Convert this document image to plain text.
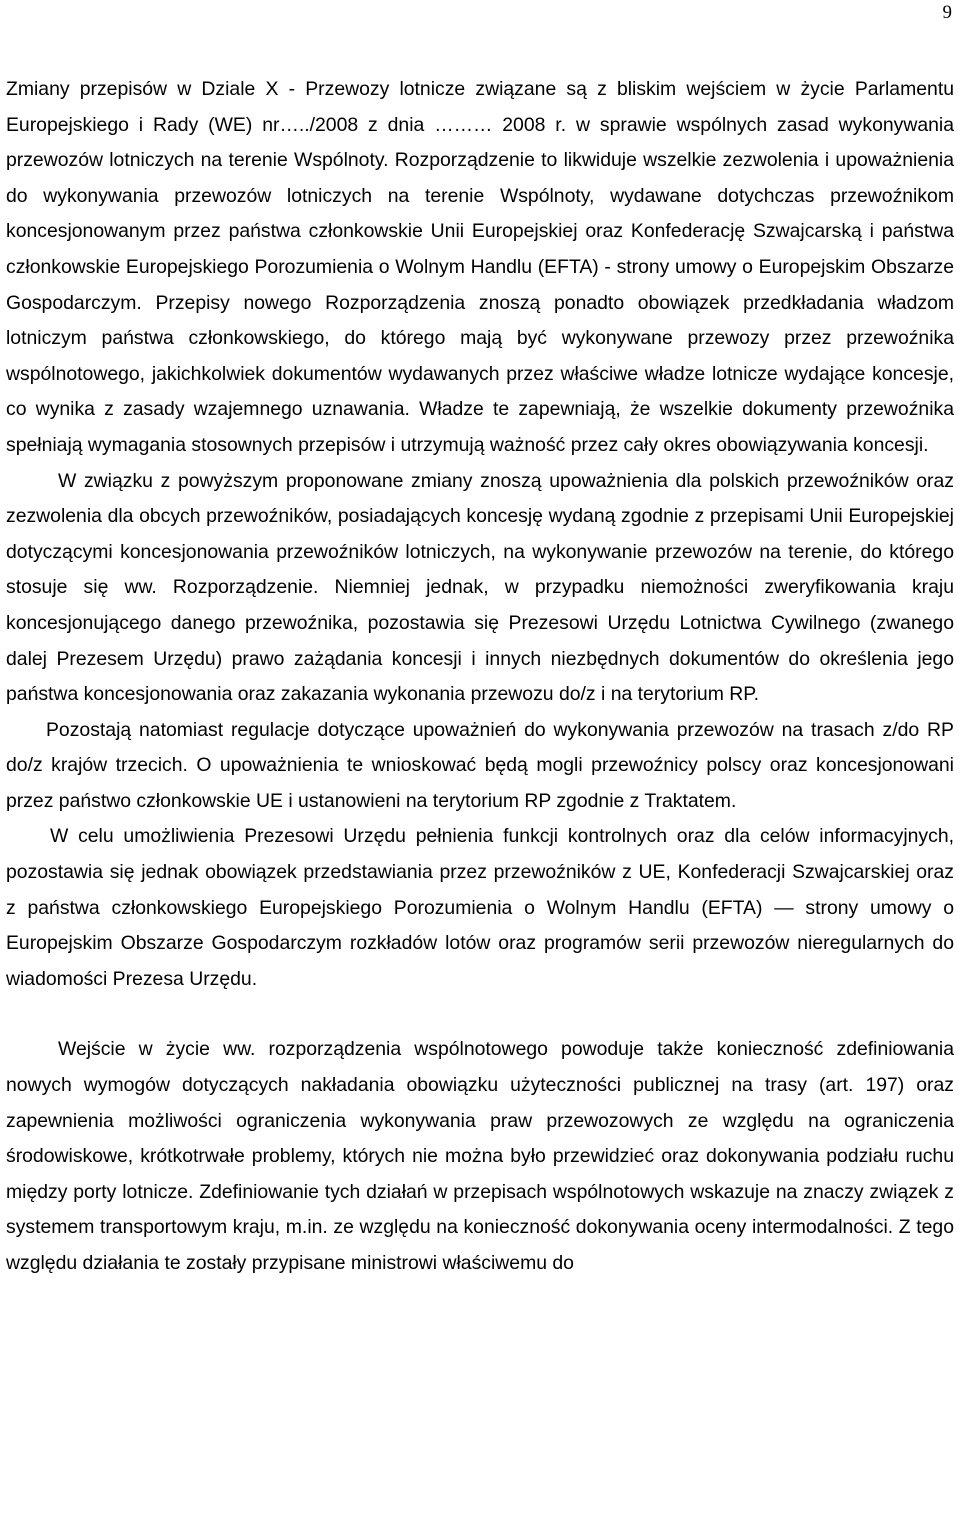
9

Zmiany przepisów w Dziale X - Przewozy lotnicze związane są z bliskim wejściem w życie Parlamentu Europejskiego i Rady (WE) nr…../2008 z dnia ……… 2008 r. w sprawie wspólnych zasad wykonywania przewozów lotniczych na terenie Wspólnoty. Rozporządzenie to likwiduje wszelkie zezwolenia i upoważnienia do wykonywania przewozów lotniczych na terenie Wspólnoty, wydawane dotychczas przewoźnikom koncesjonowanym przez państwa członkowskie Unii Europejskiej oraz Konfederację Szwajcarską i państwa członkowskie Europejskiego Porozumienia o Wolnym Handlu (EFTA) - strony umowy o Europejskim Obszarze Gospodarczym. Przepisy nowego Rozporządzenia znoszą ponadto obowiązek przedkładania władzom lotniczym państwa członkowskiego, do którego mają być wykonywane przewozy przez przewoźnika wspólnotowego, jakichkolwiek dokumentów wydawanych przez właściwe władze lotnicze wydające koncesje, co wynika z zasady wzajemnego uznawania. Władze te zapewniają, że wszelkie dokumenty przewoźnika spełniają wymagania stosownych przepisów i utrzymują ważność przez cały okres obowiązywania koncesji.

W związku z powyższym proponowane zmiany znoszą upoważnienia dla polskich przewoźników oraz zezwolenia dla obcych przewoźników, posiadających koncesję wydaną zgodnie z przepisami Unii Europejskiej dotyczącymi koncesjonowania przewoźników lotniczych, na wykonywanie przewozów na terenie, do którego stosuje się ww. Rozporządzenie. Niemniej jednak, w przypadku niemożności zweryfikowania kraju koncesjonującego danego przewoźnika, pozostawia się Prezesowi Urzędu Lotnictwa Cywilnego (zwanego dalej Prezesem Urzędu) prawo zażądania koncesji i innych niezbędnych dokumentów do określenia jego państwa koncesjonowania oraz zakazania wykonania przewozu do/z i na terytorium RP.

Pozostają natomiast regulacje dotyczące upoważnień do wykonywania przewozów na trasach z/do RP do/z krajów trzecich. O upoważnienia te wnioskować będą mogli przewoźnicy polscy oraz koncesjonowani przez państwo członkowskie UE i ustanowieni na terytorium RP zgodnie z Traktatem.

W celu umożliwienia Prezesowi Urzędu pełnienia funkcji kontrolnych oraz dla celów informacyjnych, pozostawia się jednak obowiązek przedstawiania przez przewoźników z UE, Konfederacji Szwajcarskiej oraz z państwa członkowskiego Europejskiego Porozumienia o Wolnym Handlu (EFTA) — strony umowy o Europejskim Obszarze Gospodarczym rozkładów lotów oraz programów serii przewozów nieregularnych do wiadomości Prezesa Urzędu.

Wejście w życie ww. rozporządzenia wspólnotowego powoduje także konieczność zdefiniowania nowych wymogów dotyczących nakładania obowiązku użyteczności publicznej na trasy (art. 197) oraz zapewnienia możliwości ograniczenia wykonywania praw przewozowych ze względu na ograniczenia środowiskowe, krótkotrwałe problemy, których nie można było przewidzieć oraz dokonywania podziału ruchu między porty lotnicze. Zdefiniowanie tych działań w przepisach wspólnotowych wskazuje na znaczy związek z systemem transportowym kraju, m.in. ze względu na konieczność dokonywania oceny intermodalności. Z tego względu działania te zostały przypisane ministrowi właściwemu do
